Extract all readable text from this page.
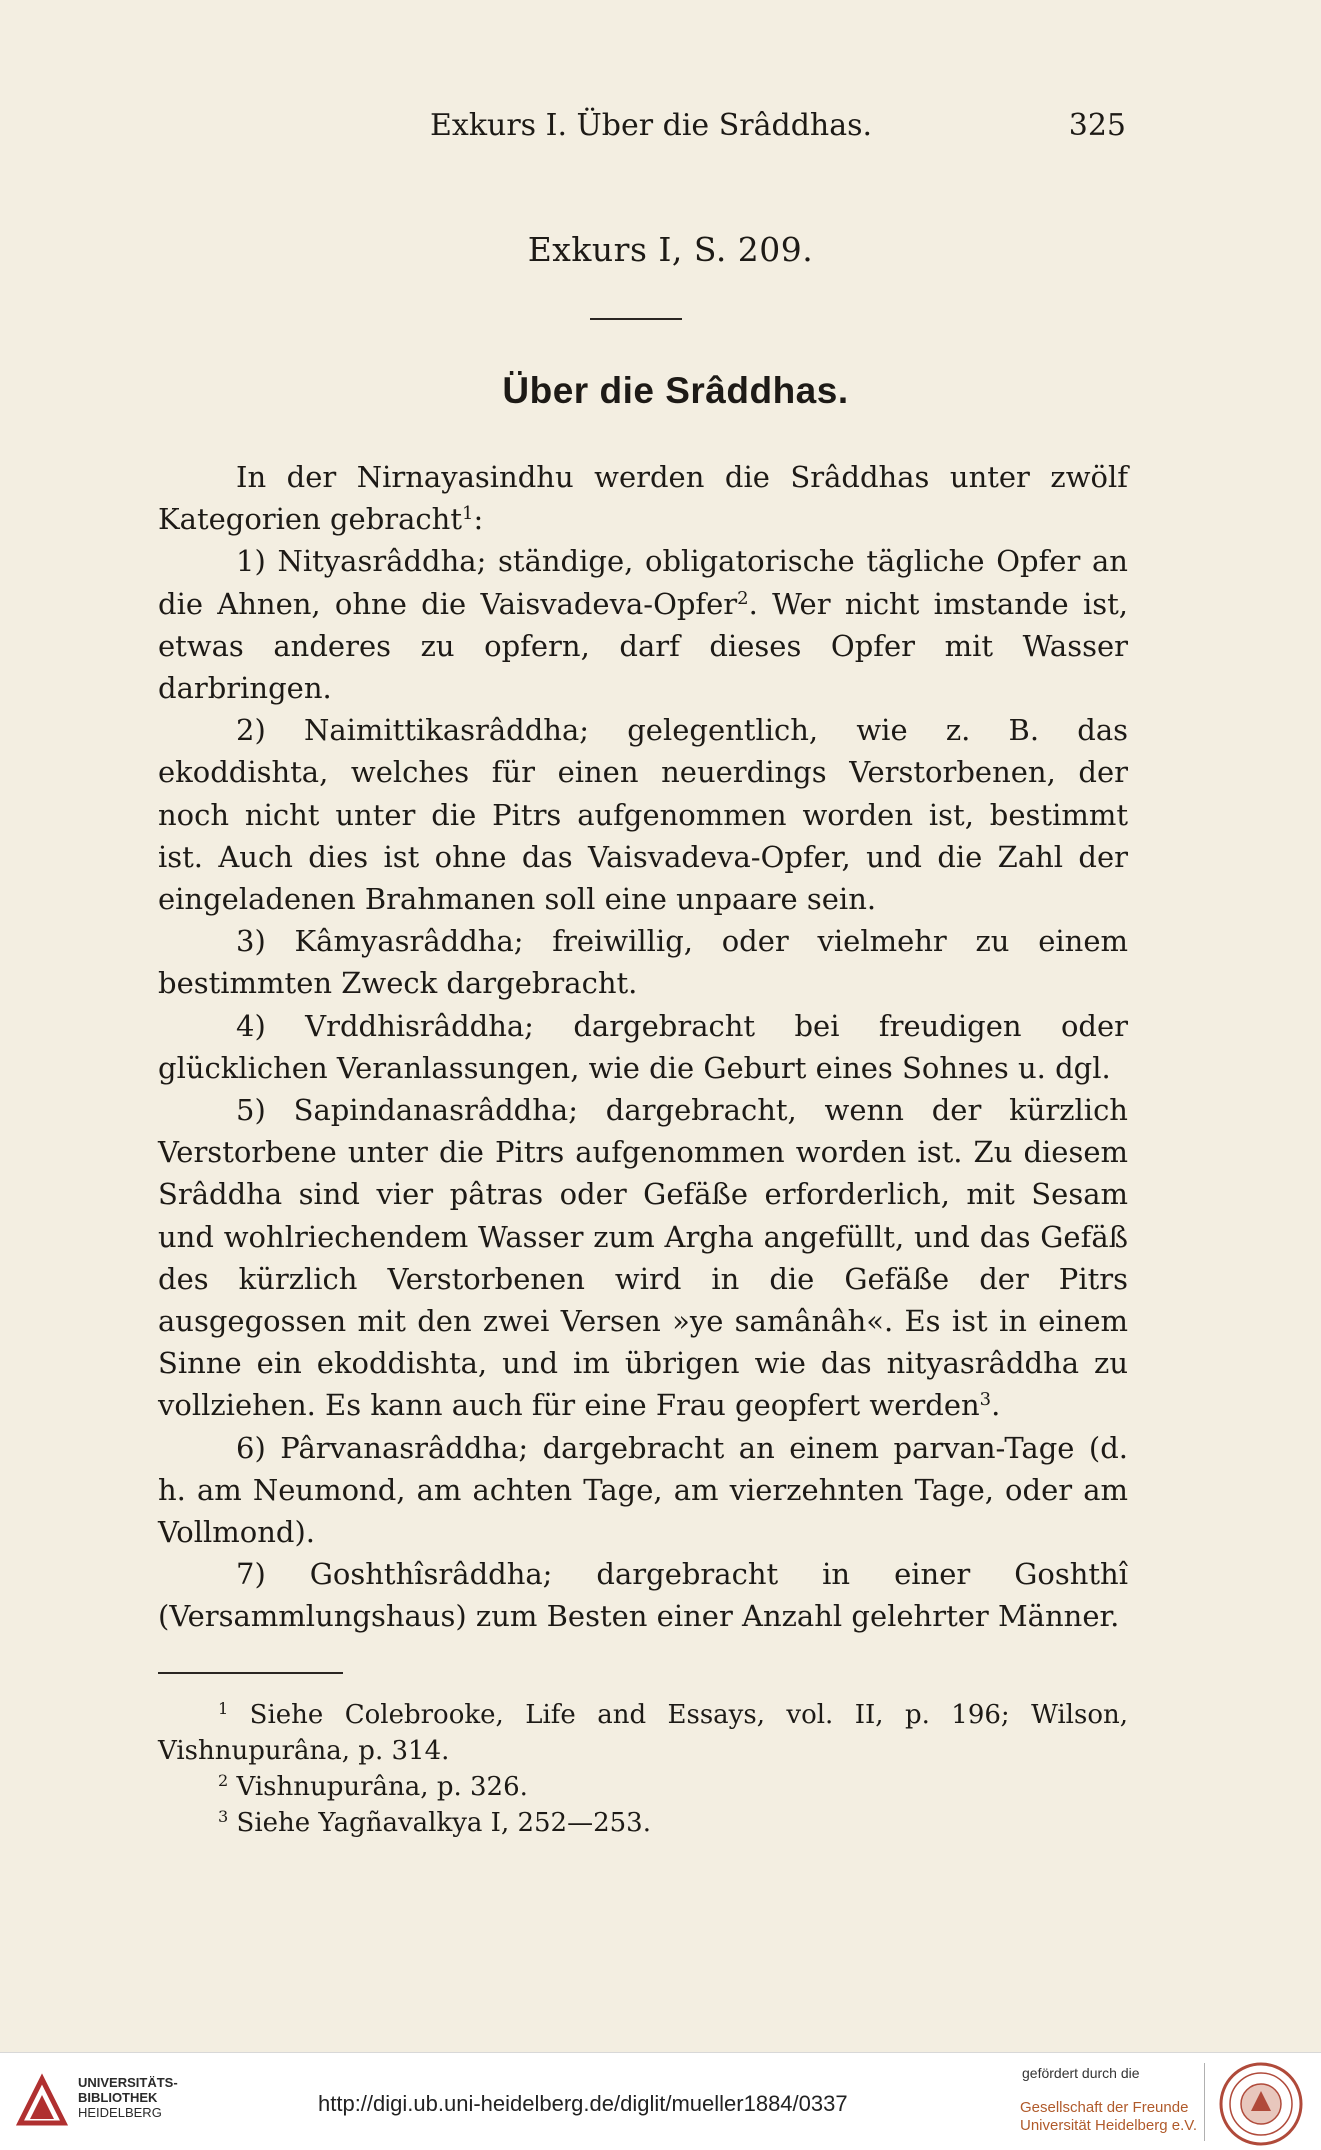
Exkurs I. Über die Srâddhas.	325
Exkurs I, S. 209.
Über die Srâddhas.

In der Nirnayasindhu werden die Srâddhas unter zwölf Kategorien gebracht$^1$:

1) Nityasrâddha; ständige, obligatorische tägliche Opfer an die Ahnen, ohne die Vaisvadeva-Opfer$^2$. Wer nicht imstande ist, etwas anderes zu opfern, darf dieses Opfer mit Wasser darbringen.

2) Naimittikasrâddha; gelegentlich, wie z. B. das ekoddishta, welches für einen neuerdings Verstorbenen, der noch nicht unter die Pitrs aufgenommen worden ist, bestimmt ist. Auch dies ist ohne das Vaisvadeva-Opfer, und die Zahl der eingeladenen Brahmanen soll eine unpaare sein.

3) Kâmyasrâddha; freiwillig, oder vielmehr zu einem bestimmten Zweck dargebracht.

4) Vrddhisrâddha; dargebracht bei freudigen oder glücklichen Veranlassungen, wie die Geburt eines Sohnes u. dgl.

5) Sapindanasrâddha; dargebracht, wenn der kürzlich Verstorbene unter die Pitrs aufgenommen worden ist. Zu diesem Srâddha sind vier pâtras oder Gefäße erforderlich, mit Sesam und wohlriechendem Wasser zum Argha angefüllt, und das Gefäß des kürzlich Verstorbenen wird in die Gefäße der Pitrs ausgegossen mit den zwei Versen »ye samânâh«. Es ist in einem Sinne ein ekoddishta, und im übrigen wie das nityasrâddha zu vollziehen. Es kann auch für eine Frau geopfert werden$^3$.

6) Pârvanasrâddha; dargebracht an einem parvan-Tage (d. h. am Neumond, am achten Tage, am vierzehnten Tage, oder am Vollmond).

7) Goshthîsrâddha; dargebracht in einer Goshthî (Versammlungshaus) zum Besten einer Anzahl gelehrter Männer.

$^1$ Siehe Colebrooke, Life and Essays, vol. II, p. 196; Wilson, Vishnupurâna, p. 314.

$^2$ Vishnupurâna, p. 326.

$^3$ Siehe Yagñavalkya I, 252—253.

UNIVERSITÄTS-
BIBLIOTHEK
HEIDELBERG	http://digi.ub.uni-heidelberg.de/diglit/mueller1884/0337
gefördert durch die
Gesellschaft der Freunde
Universität Heidelberg e.V.
